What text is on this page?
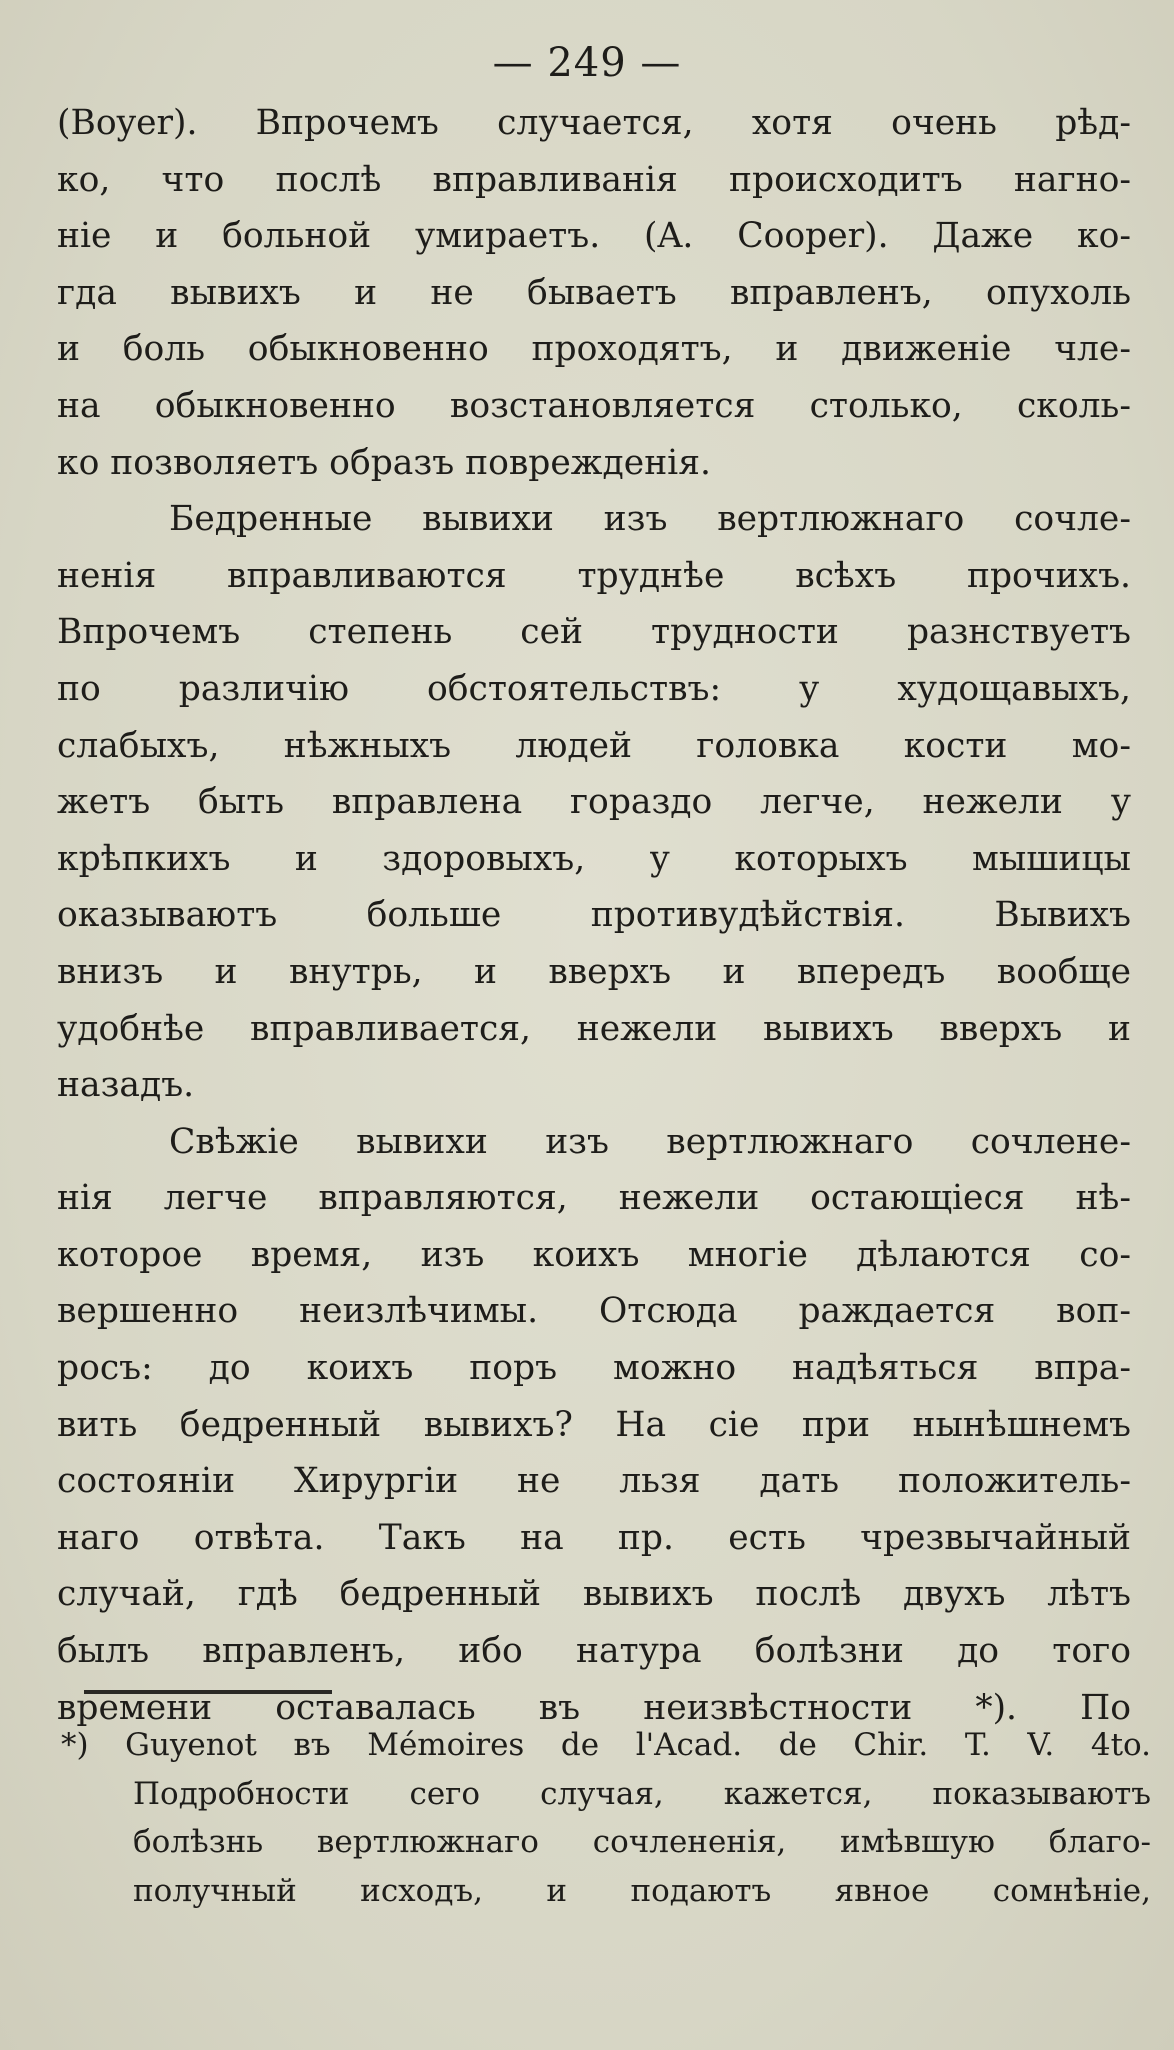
— 249 —
(Boyer). Впрочемъ случается, хотя очень рѣд-
ко, что послѣ вправливанія происходитъ нагно-
ніе и больной умираетъ. (A. Cooper). Даже ко-
гда вывихъ и не бываетъ вправленъ, опухоль
и боль обыкновенно проходятъ, и движеніе чле-
на обыкновенно возстановляется столько, сколь-
ко позволяетъ образъ поврежденія.
Бедренные вывихи изъ вертлюжнаго сочле-
ненія вправливаются труднѣе всѣхъ прочихъ.
Впрочемъ степень сей трудности разнствуетъ
по различію обстоятельствъ: у худощавыхъ,
слабыхъ, нѣжныхъ людей головка кости мо-
жетъ быть вправлена гораздо легче, нежели у
крѣпкихъ и здоровыхъ, у которыхъ мышицы
оказываютъ больше противудѣйствія. Вывихъ
внизъ и внутрь, и вверхъ и впередъ вообще
удобнѣе вправливается, нежели вывихъ вверхъ и
назадъ.
Свѣжіе вывихи изъ вертлюжнаго сочлене-
нія легче вправляются, нежели остающіеся нѣ-
которое время, изъ коихъ многіе дѣлаются со-
вершенно неизлѣчимы. Отсюда раждается воп-
росъ: до коихъ поръ можно надѣяться впра-
вить бедренный вывихъ? На сіе при нынѣшнемъ
состояніи Хирургіи не льзя дать положитель-
наго отвѣта. Такъ на пр. есть чрезвычайный
случай, гдѣ бедренный вывихъ послѣ двухъ лѣтъ
былъ вправленъ, ибо натура болѣзни до того
времени оставалась въ неизвѣстности *). По
*) Guyenot въ Mémoires de l'Acad. de Chir. T. V. 4to.
Подробности сего случая, кажется, показываютъ
болѣзнь вертлюжнаго сочлененія, имѣвшую благо-
получный исходъ, и подаютъ явное сомнѣніе,
